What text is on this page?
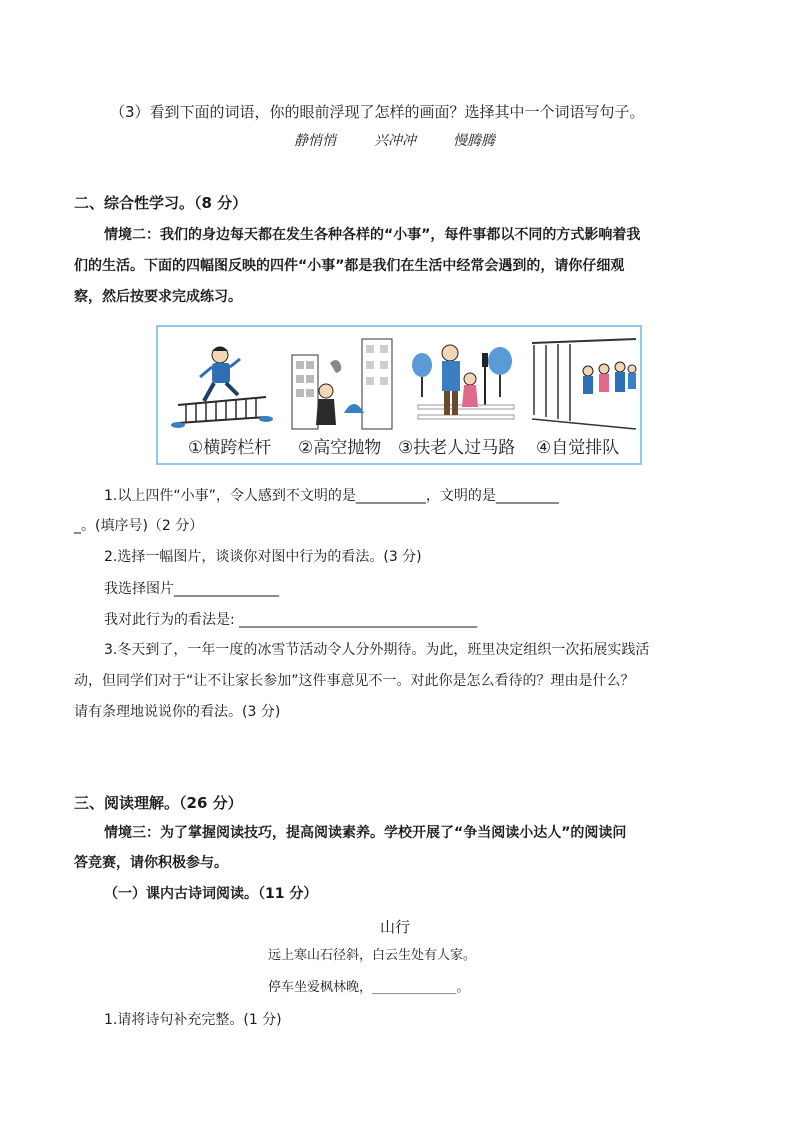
（3）看到下面的词语，你的眼前浮现了怎样的画面？选择其中一个词语写句子。
静悄悄	兴冲冲	慢腾腾
二、综合性学习。（8 分）
情境二：我们的身边每天都在发生各种各样的“小事”，每件事都以不同的方式影响着我
们的生活。下面的四幅图反映的四件“小事”都是我们在生活中经常会遇到的，请你仔细观
察，然后按要求完成练习。
①横跨栏杆 ②高空抛物 ③扶老人过马路 ④自觉排队
1.以上四件“小事”，令人感到不文明的是__________，文明的是_________
_。(填序号)（2 分）
2.选择一幅图片，谈谈你对图中行为的看法。(3 分)
我选择图片_______________
我对此行为的看法是: __________________________________
3.冬天到了，一年一度的冰雪节活动令人分外期待。为此，班里决定组织一次拓展实践活
动，但同学们对于“让不让家长参加”这件事意见不一。对此你是怎么看待的？理由是什么？
请有条理地说说你的看法。(3 分)
三、阅读理解。（26 分）
情境三：为了掌握阅读技巧，提高阅读素养。学校开展了“争当阅读小达人”的阅读问
答竞赛，请你积极参与。
（一）课内古诗词阅读。（11 分）
山行
远上寒山石径斜，白云生处有人家。
停车坐爱枫林晚，_____________。
1.请将诗句补充完整。(1 分)
